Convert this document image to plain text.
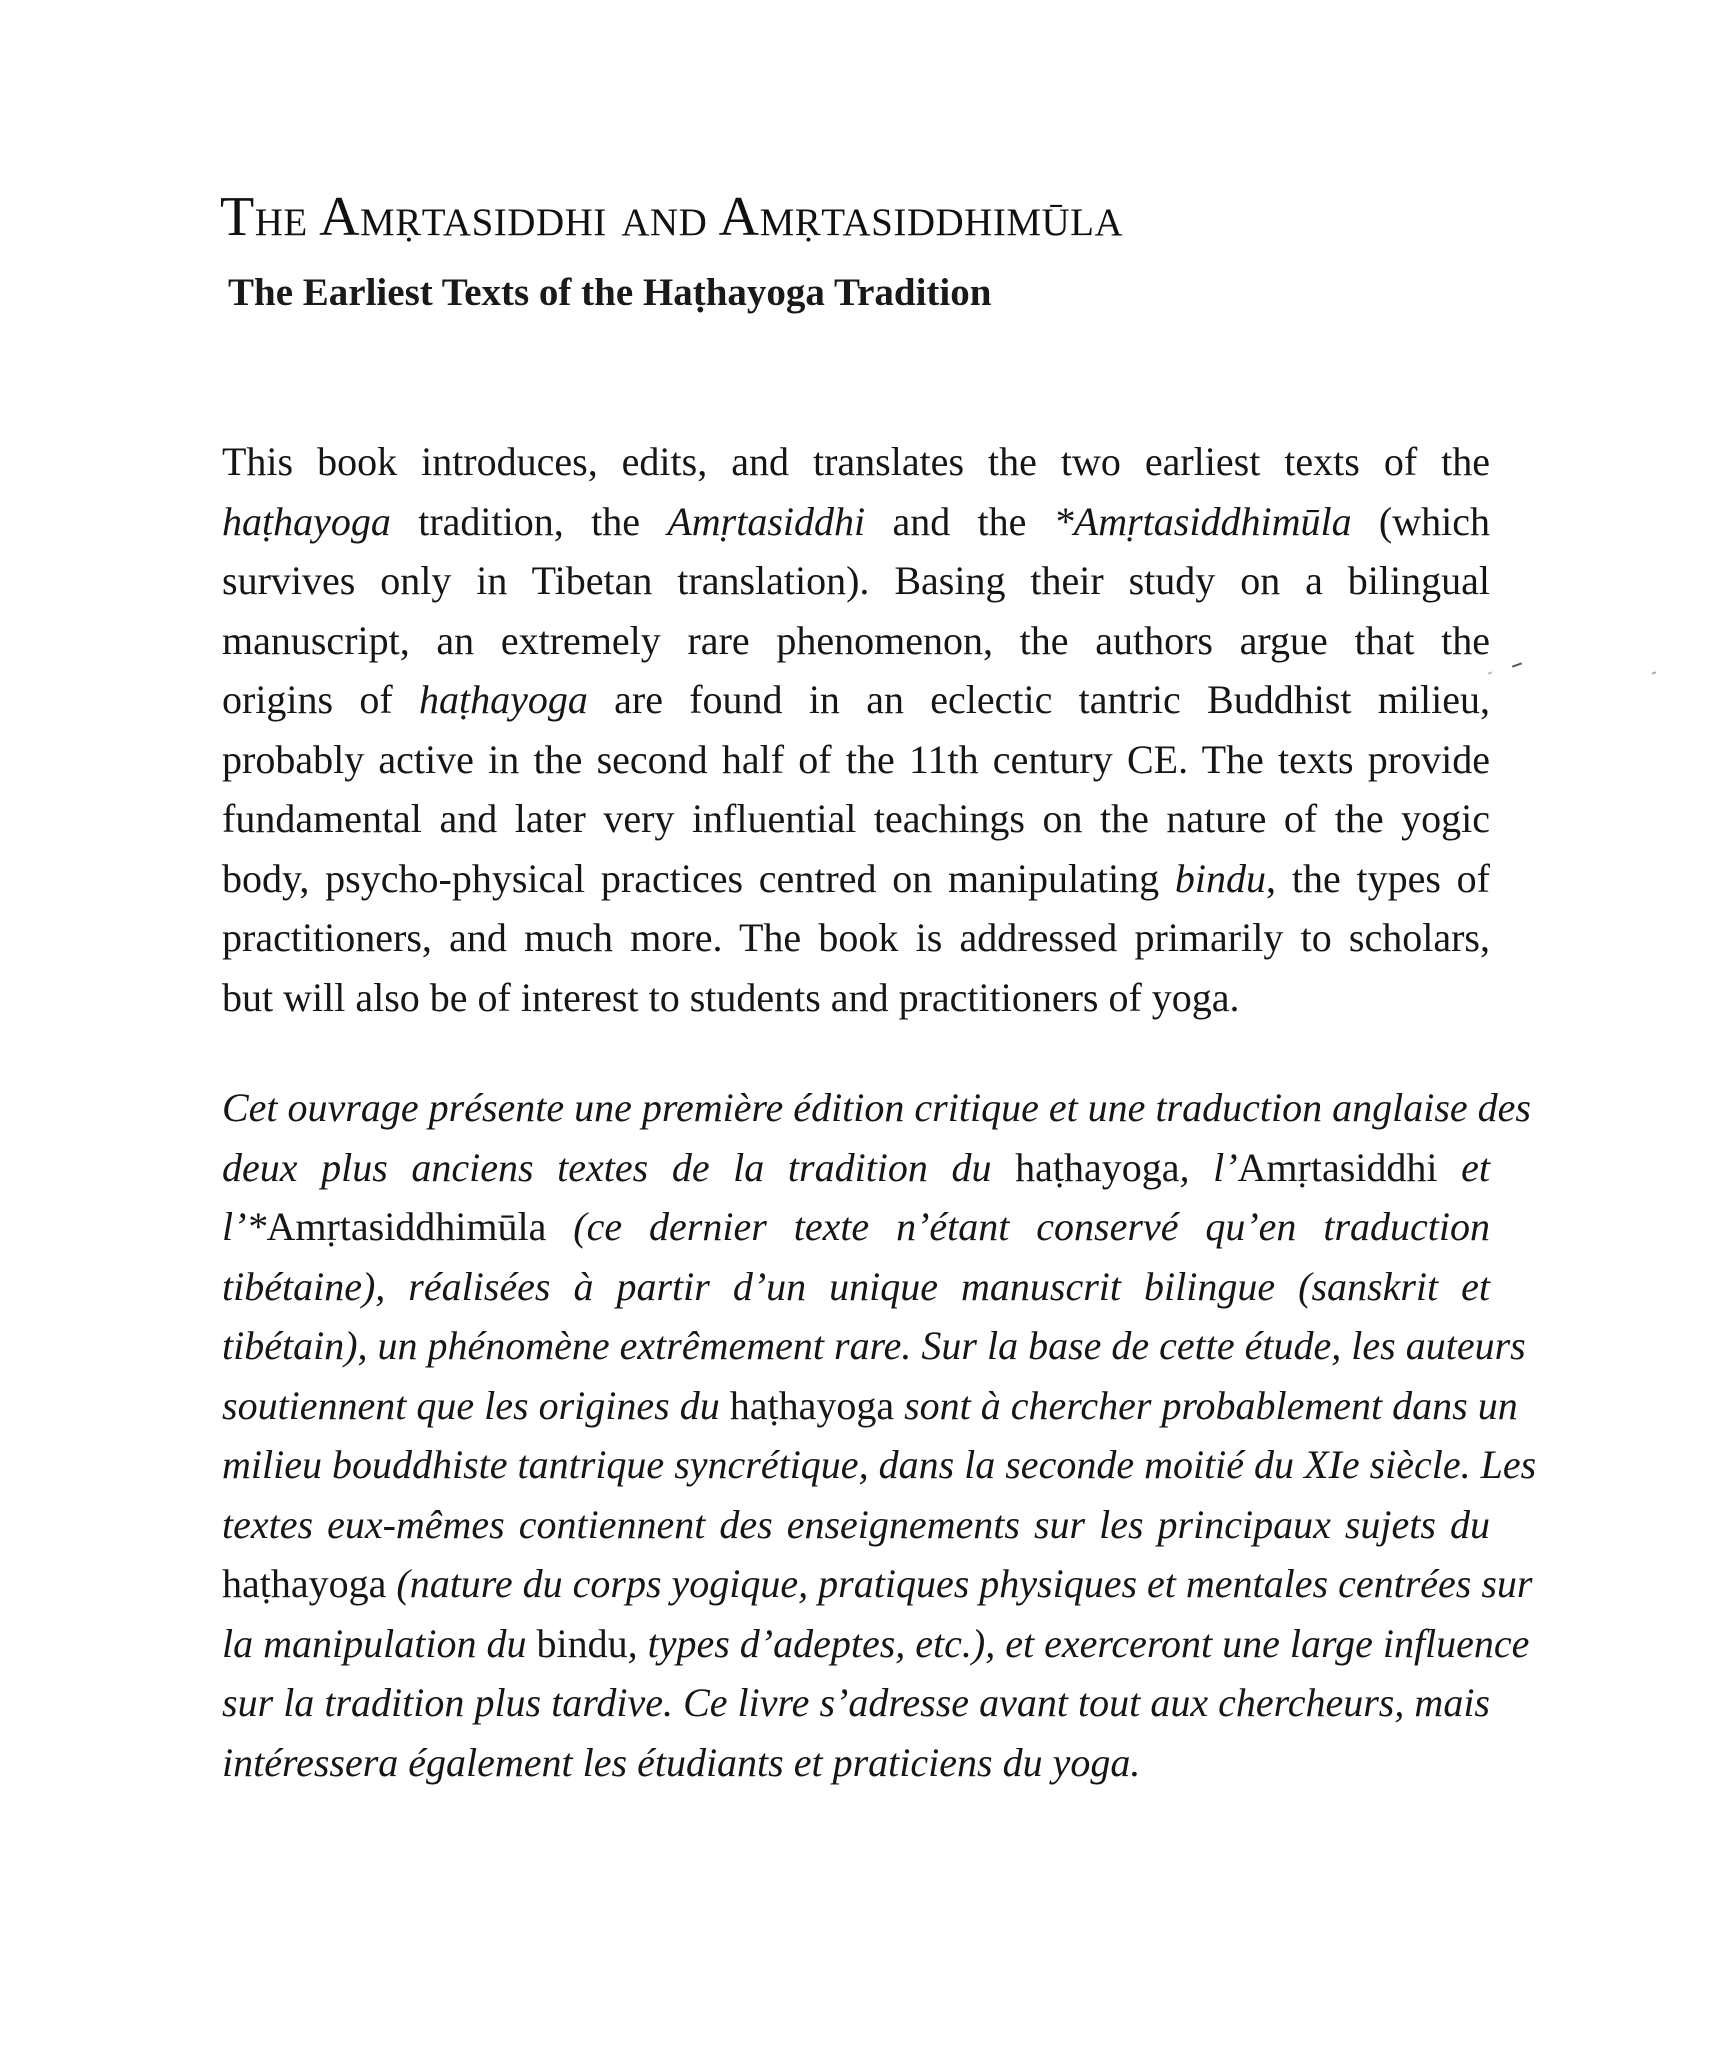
The Amṛtasiddhi and Amṛtasiddhimūla
The Earliest Texts of the Haṭhayoga Tradition

This book introduces, edits, and translates the two earliest texts of the
haṭhayoga tradition, the Amṛtasiddhi and the *Amṛtasiddhimūla (which
survives only in Tibetan translation). Basing their study on a bilingual
manuscript, an extremely rare phenomenon, the authors argue that the
origins of haṭhayoga are found in an eclectic tantric Buddhist milieu,
probably active in the second half of the 11th century CE. The texts provide
fundamental and later very influential teachings on the nature of the yogic
body, psycho-physical practices centred on manipulating bindu, the types of
practitioners, and much more. The book is addressed primarily to scholars,
but will also be of interest to students and practitioners of yoga.

Cet ouvrage présente une première édition critique et une traduction anglaise des
deux plus anciens textes de la tradition du haṭhayoga, l’Amṛtasiddhi et
l’*Amṛtasiddhimūla (ce dernier texte n’étant conservé qu’en traduction
tibétaine), réalisées à partir d’un unique manuscrit bilingue (sanskrit et
tibétain), un phénomène extrêmement rare. Sur la base de cette étude, les auteurs
soutiennent que les origines du haṭhayoga sont à chercher probablement dans un
milieu bouddhiste tantrique syncrétique, dans la seconde moitié du XIe siècle. Les
textes eux-mêmes contiennent des enseignements sur les principaux sujets du
haṭhayoga (nature du corps yogique, pratiques physiques et mentales centrées sur
la manipulation du bindu, types d’adeptes, etc.), et exerceront une large influence
sur la tradition plus tardive. Ce livre s’adresse avant tout aux chercheurs, mais
intéressera également les étudiants et praticiens du yoga.
